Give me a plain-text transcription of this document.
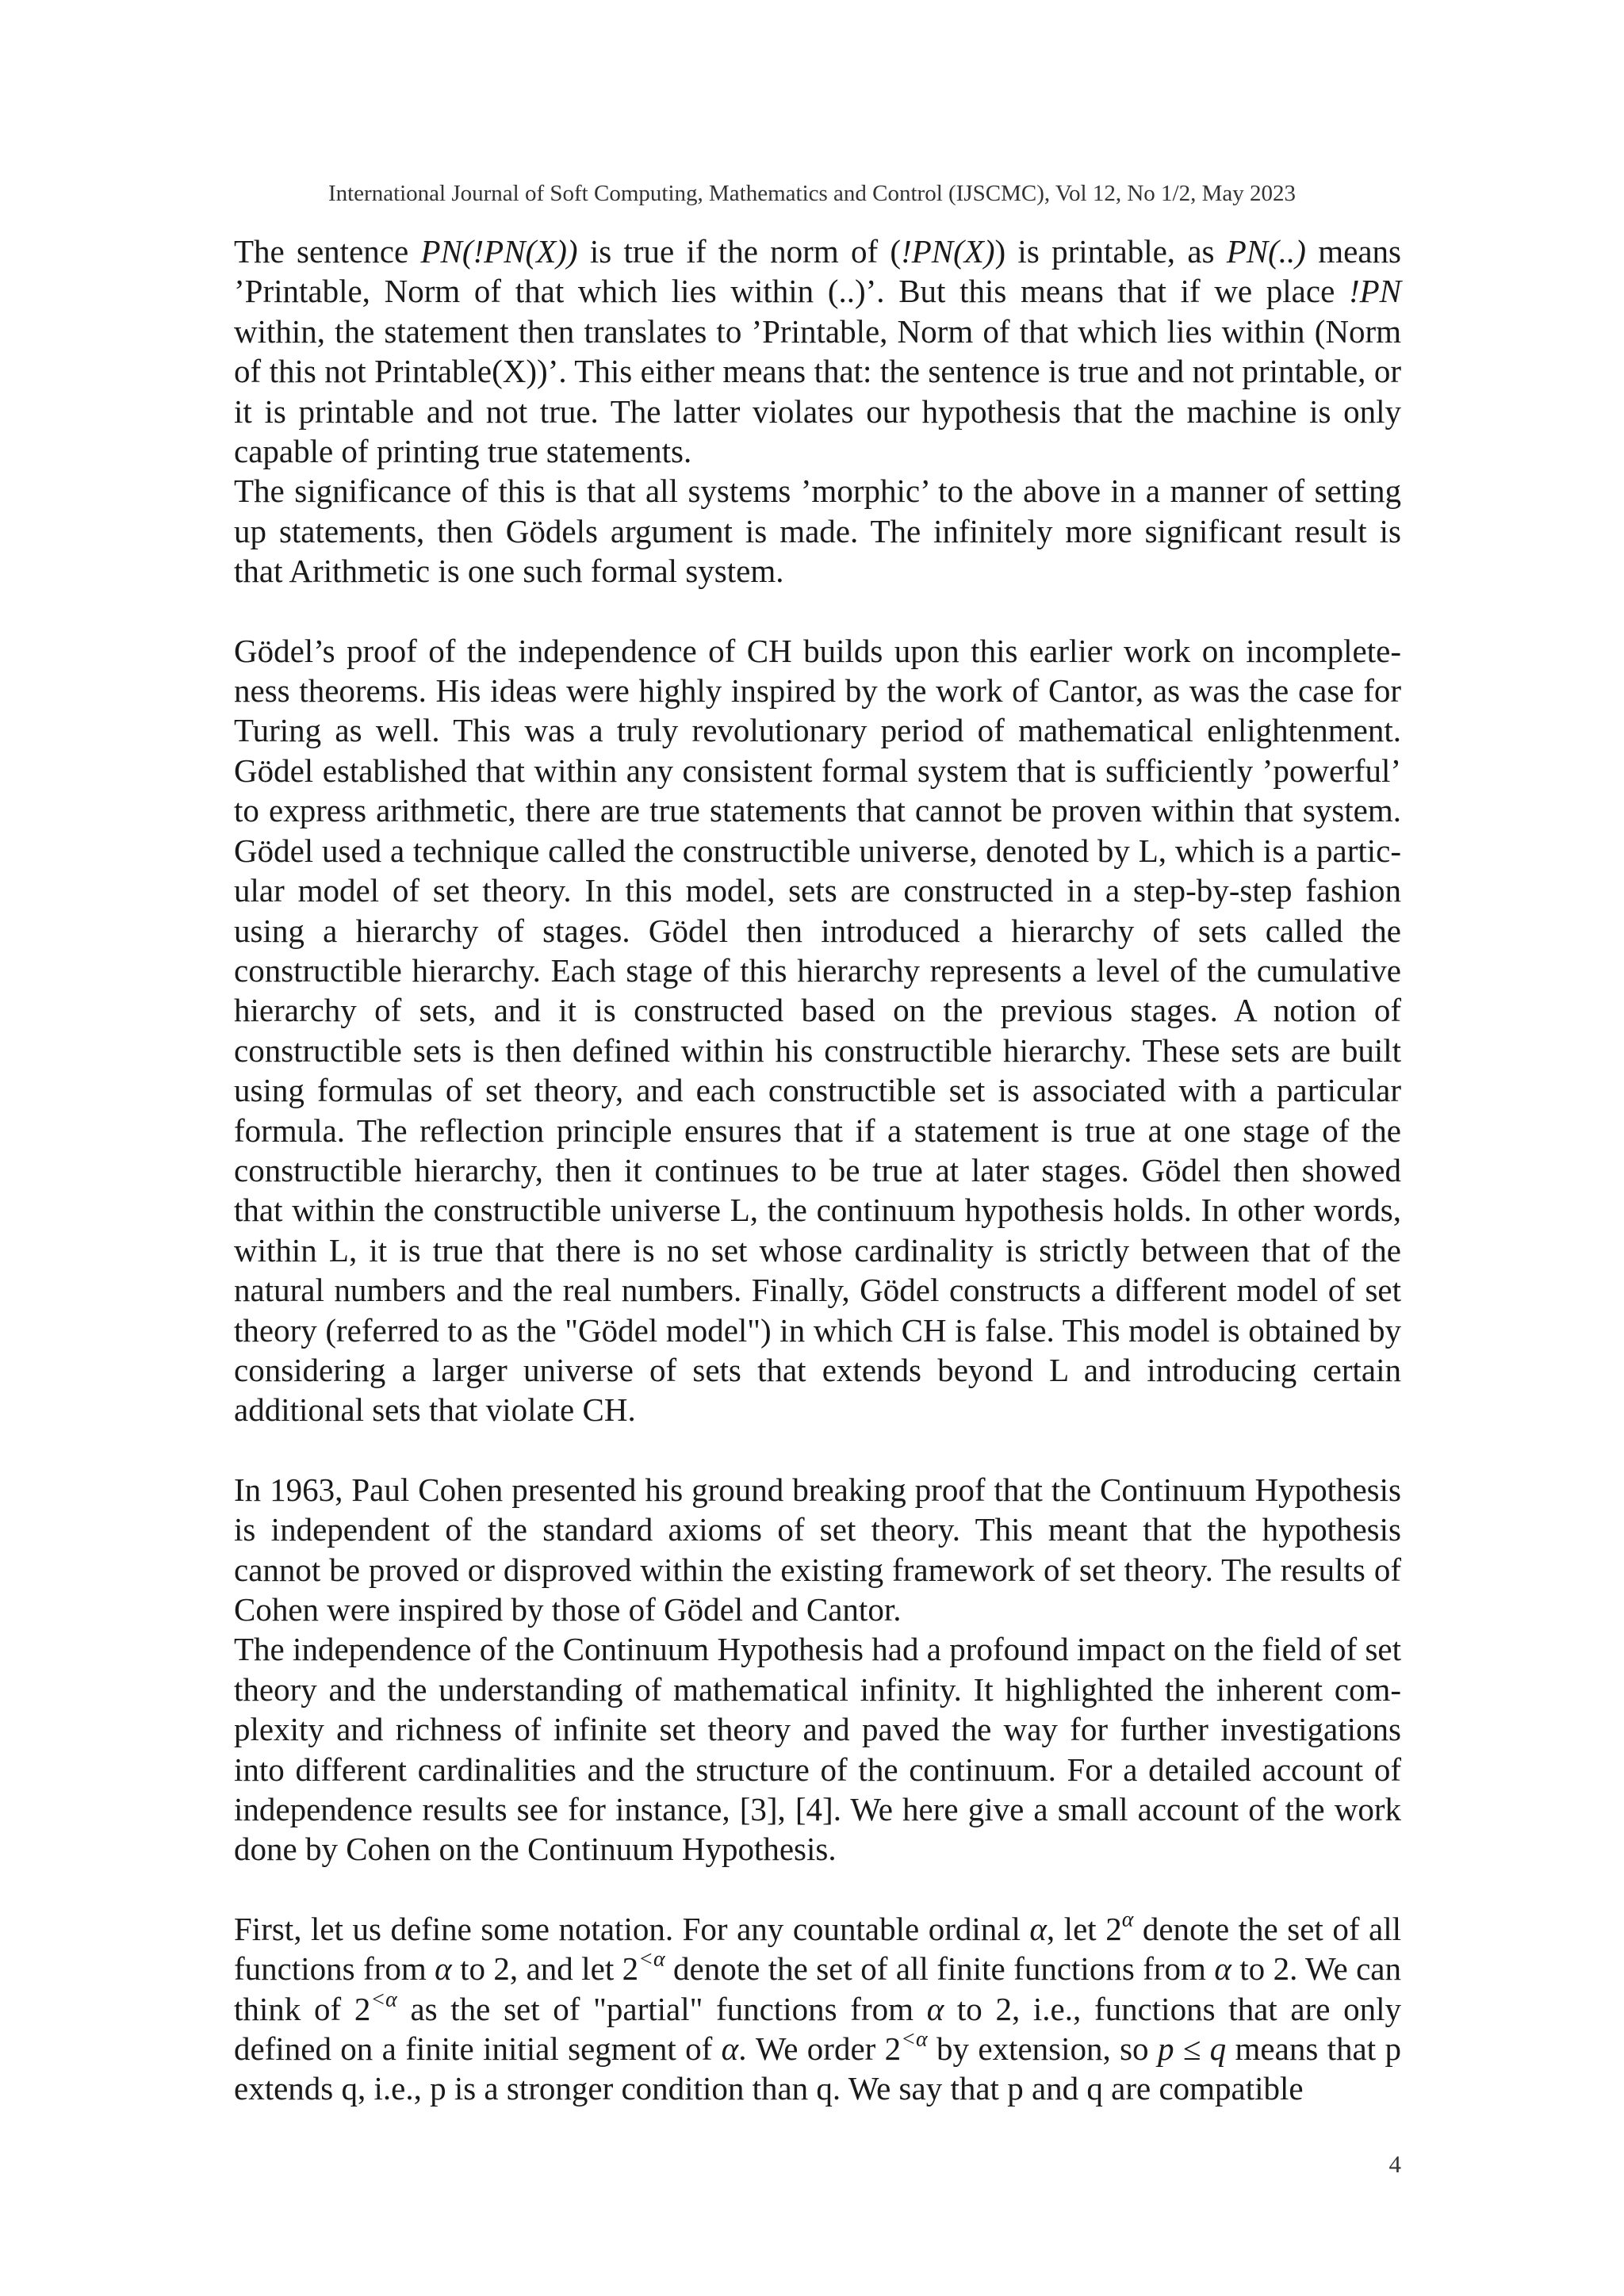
International Journal of Soft Computing, Mathematics and Control (IJSCMC), Vol 12, No 1/2, May 2023

The sentence PN(!PN(X)) is true if the norm of (!PN(X)) is printable, as PN(..) means ’Printable, Norm of that which lies within (..)’. But this means that if we place !PN within, the statement then translates to ’Printable, Norm of that which lies within (Norm of this not Printable(X))’. This either means that: the sentence is true and not printable, or it is printable and not true. The latter violates our hypothesis that the machine is only capable of printing true statements.

The significance of this is that all systems ’morphic’ to the above in a manner of setting up statements, then Gödels argument is made. The infinitely more significant result is that Arithmetic is one such formal system.

Gödel’s proof of the independence of CH builds upon this earlier work on incompleteness theorems. His ideas were highly inspired by the work of Cantor, as was the case for Turing as well. This was a truly revolutionary period of mathematical enlightenment. Gödel established that within any consistent formal system that is sufficiently ’powerful’ to express arithmetic, there are true statements that cannot be proven within that system. Gödel used a technique called the constructible universe, denoted by L, which is a particular model of set theory. In this model, sets are constructed in a step-by-step fashion using a hierarchy of stages. Gödel then introduced a hierarchy of sets called the constructible hierarchy. Each stage of this hierarchy represents a level of the cumulative hierarchy of sets, and it is constructed based on the previous stages. A notion of constructible sets is then defined within his constructible hierarchy. These sets are built using formulas of set theory, and each constructible set is associated with a particular formula. The reflection principle ensures that if a statement is true at one stage of the constructible hierarchy, then it continues to be true at later stages. Gödel then showed that within the constructible universe L, the continuum hypothesis holds. In other words, within L, it is true that there is no set whose cardinality is strictly between that of the natural numbers and the real numbers. Finally, Gödel constructs a different model of set theory (referred to as the "Gödel model") in which CH is false. This model is obtained by considering a larger universe of sets that extends beyond L and introducing certain additional sets that violate CH.

In 1963, Paul Cohen presented his ground breaking proof that the Continuum Hypothesis is independent of the standard axioms of set theory. This meant that the hypothesis cannot be proved or disproved within the existing framework of set theory. The results of Cohen were inspired by those of Gödel and Cantor.

The independence of the Continuum Hypothesis had a profound impact on the field of set theory and the understanding of mathematical infinity. It highlighted the inherent complexity and richness of infinite set theory and paved the way for further investigations into different cardinalities and the structure of the continuum. For a detailed account of independence results see for instance, [3], [4]. We here give a small account of the work done by Cohen on the Continuum Hypothesis.

First, let us define some notation. For any countable ordinal α, let $2^\alpha$ denote the set of all functions from α to 2, and let $2^{<\alpha}$ denote the set of all finite functions from α to 2. We can think of $2^{<\alpha}$ as the set of "partial" functions from α to 2, i.e., functions that are only defined on a finite initial segment of α. We order $2^{<\alpha}$ by extension, so p ≤ q means that p extends q, i.e., p is a stronger condition than q. We say that p and q are compatible

4
